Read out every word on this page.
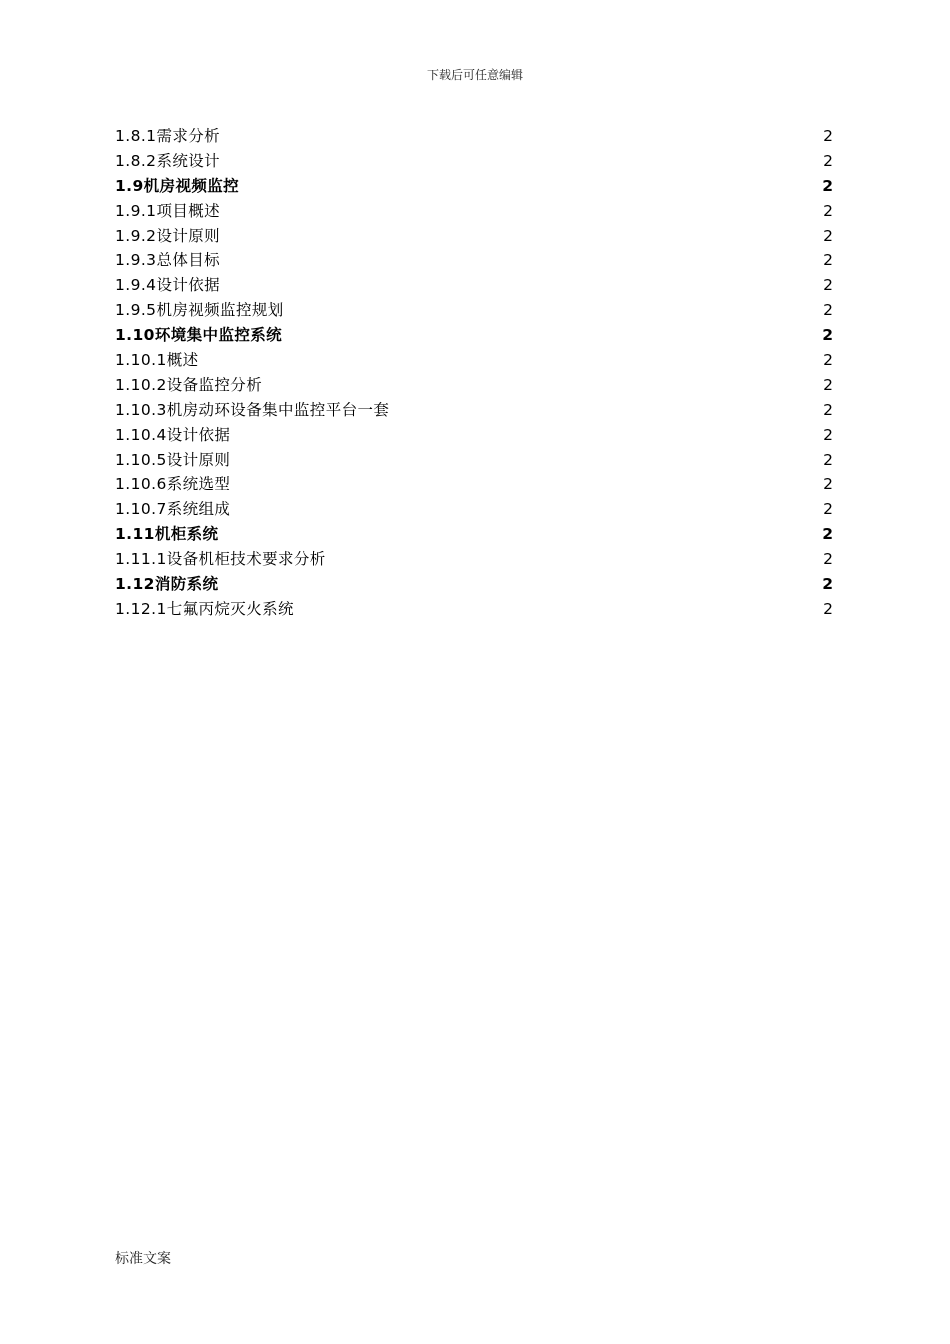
下载后可任意编辑
1.8.1需求分析	2
1.8.2系统设计	2
1.9机房视频监控	2
1.9.1项目概述	2
1.9.2设计原则	2
1.9.3总体目标	2
1.9.4设计依据	2
1.9.5机房视频监控规划	2
1.10环境集中监控系统	2
1.10.1概述	2
1.10.2设备监控分析	2
1.10.3机房动环设备集中监控平台一套	2
1.10.4设计依据	2
1.10.5设计原则	2
1.10.6系统选型	2
1.10.7系统组成	2
1.11机柜系统	2
1.11.1设备机柜技术要求分析	2
1.12消防系统	2
1.12.1七氟丙烷灭火系统	2
标准文案
